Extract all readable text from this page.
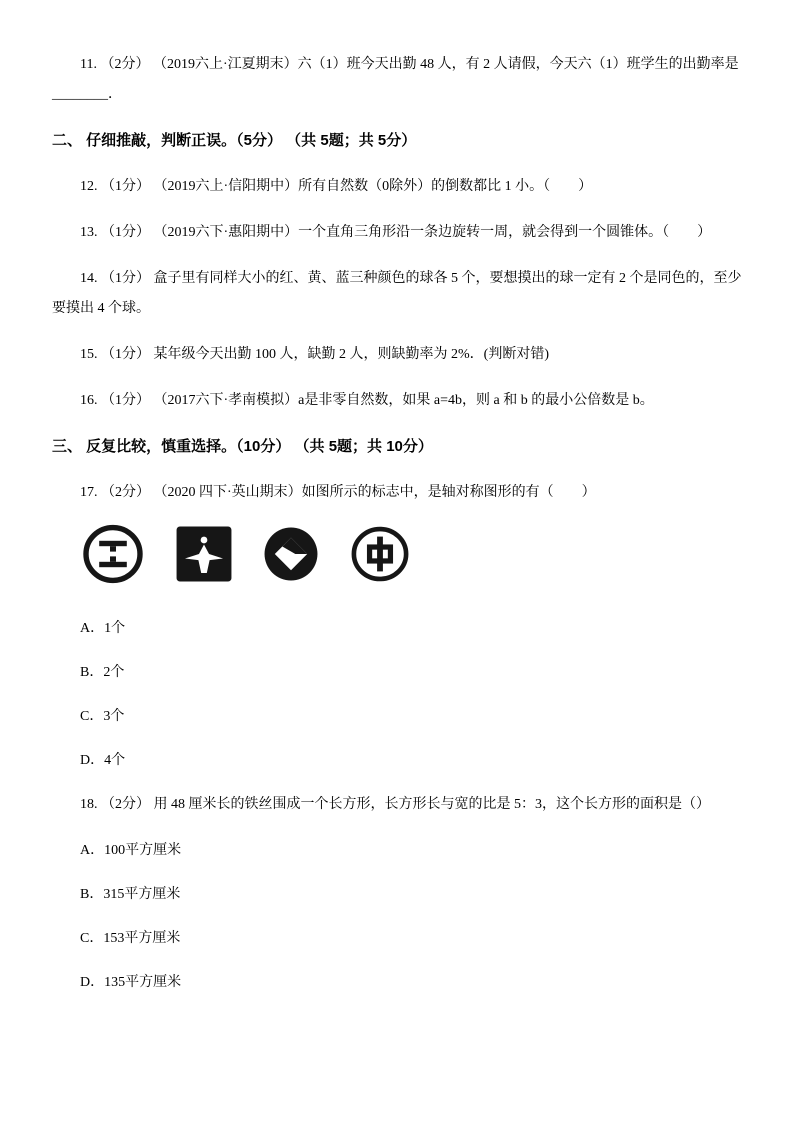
11. （2分） （2019六上·江夏期末）六（1）班今天出勤 48 人，有 2 人请假，今天六（1）班学生的出勤率是________．

二、 仔细推敲，判断正误。（5分） （共 5题；共 5分）

12. （1分） （2019六上·信阳期中）所有自然数（0除外）的倒数都比 1 小。（　　）

13. （1分） （2019六下·惠阳期中）一个直角三角形沿一条边旋转一周，就会得到一个圆锥体。（　　）

14. （1分） 盒子里有同样大小的红、黄、蓝三种颜色的球各 5 个，要想摸出的球一定有 2 个是同色的，至少要摸出 4 个球。

15. （1分） 某年级今天出勤 100 人，缺勤 2 人，则缺勤率为 2%．(判断对错)

16. （1分） （2017六下·孝南模拟）a是非零自然数，如果 a=4b，则 a 和 b 的最小公倍数是 b。

三、 反复比较，慎重选择。（10分） （共 5题；共 10分）

17. （2分） （2020 四下·英山期末）如图所示的标志中，是轴对称图形的有（　　）

A．1个

B．2个

C．3个

D．4个

18. （2分） 用 48 厘米长的铁丝围成一个长方形，长方形长与宽的比是 5：3，这个长方形的面积是（）

A．100平方厘米

B．315平方厘米

C．153平方厘米

D．135平方厘米
